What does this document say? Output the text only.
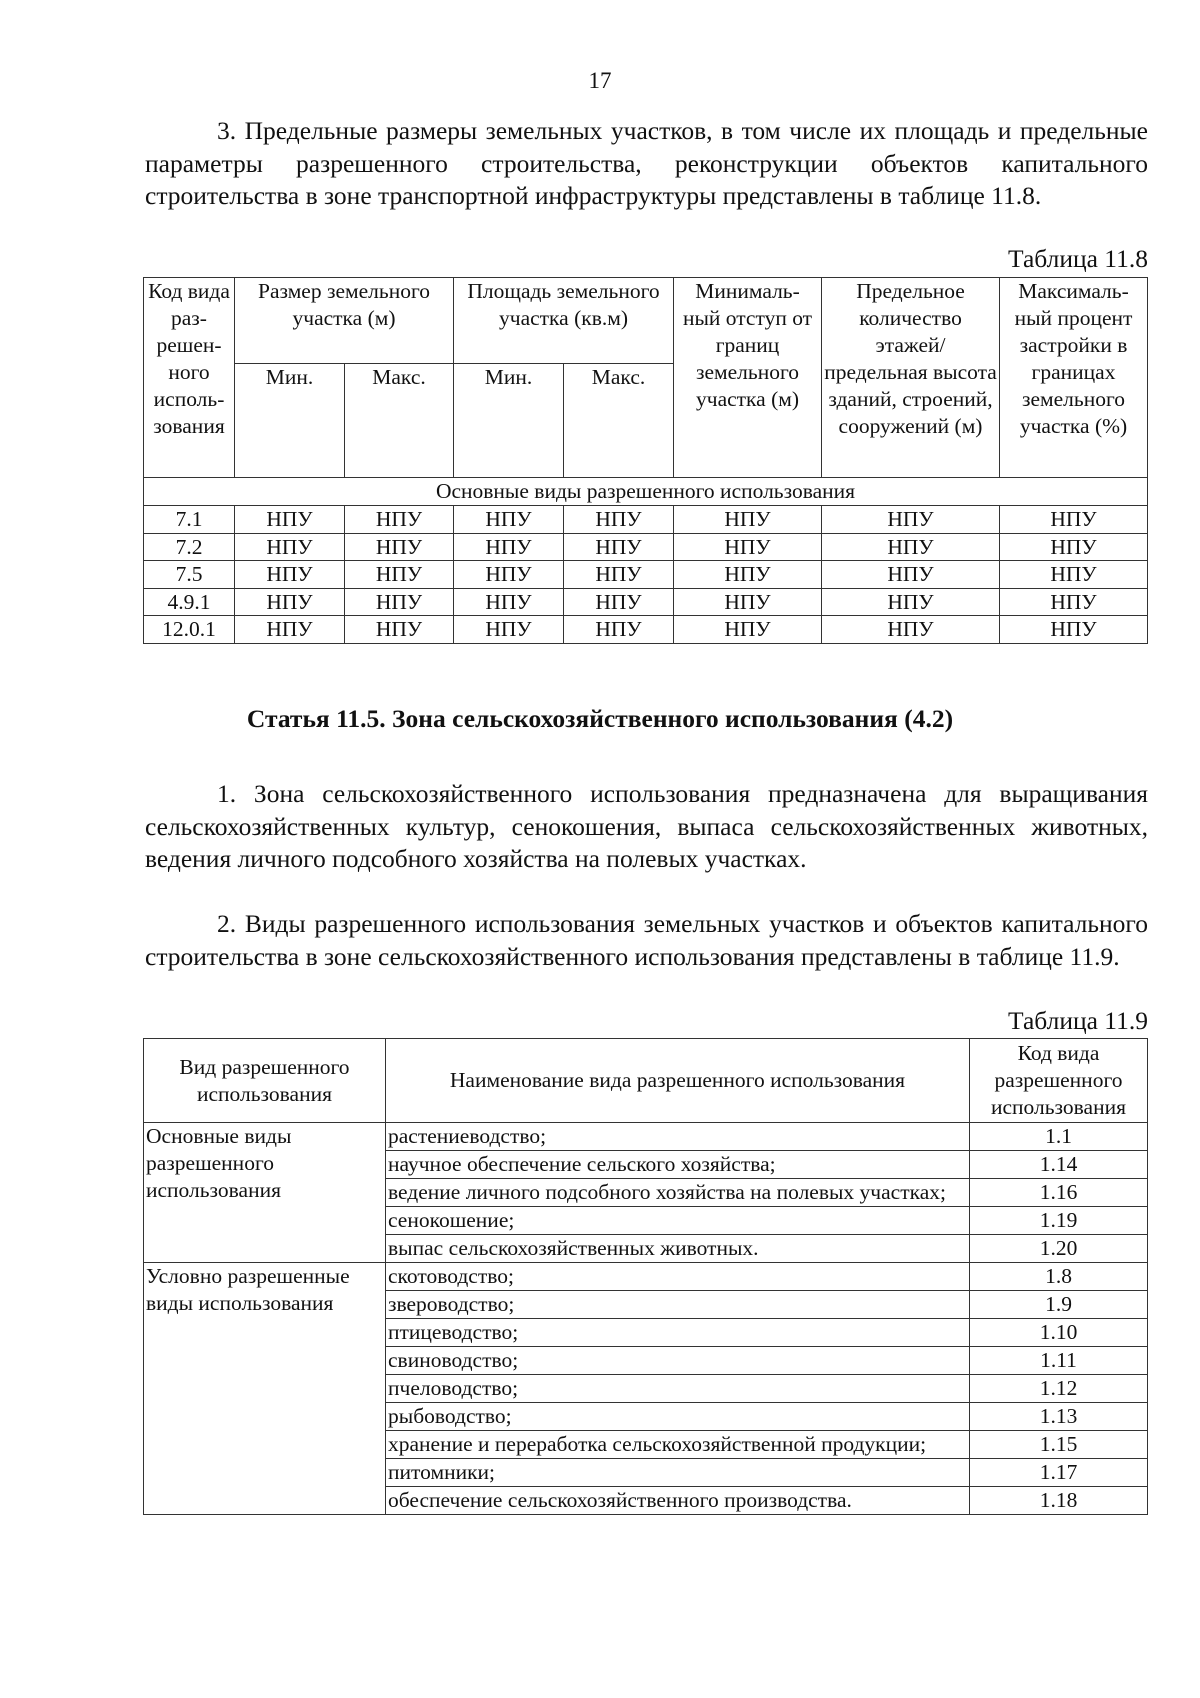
17
3. Предельные размеры земельных участков, в том числе их площадь и предельные параметры разрешенного строительства, реконструкции объектов капитального строительства в зоне транспортной инфраструктуры представлены в таблице 11.8.
Таблица 11.8
Код вида раз- решен- ного исполь- зования	Размер земельного участка (м)		Площадь земельного участка (кв.м)		Минималь- ный отступ от границ земельного участка (м)	Предельное количество этажей/ предельная высота зданий, строений, сооружений (м)	Максималь- ный процент застройки в границах земельного участка (%)
	Мин.	Макс.	Мин.	Макс.			
Основные виды разрешенного использования							
7.1	НПУ	НПУ	НПУ	НПУ	НПУ	НПУ	НПУ
7.2	НПУ	НПУ	НПУ	НПУ	НПУ	НПУ	НПУ
7.5	НПУ	НПУ	НПУ	НПУ	НПУ	НПУ	НПУ
4.9.1	НПУ	НПУ	НПУ	НПУ	НПУ	НПУ	НПУ
12.0.1	НПУ	НПУ	НПУ	НПУ	НПУ	НПУ	НПУ
Статья 11.5. Зона сельскохозяйственного использования (4.2)
1. Зона сельскохозяйственного использования предназначена для выращивания сельскохозяйственных культур, сенокошения, выпаса сельскохозяйственных животных, ведения личного подсобного хозяйства на полевых участках.
2. Виды разрешенного использования земельных участков и объектов капитального строительства в зоне сельскохозяйственного использования представлены в таблице 11.9.
Таблица 11.9
Вид разрешенного использования	Наименование вида разрешенного использования	Код вида разрешенного использования
Основные виды разрешенного использования	растениеводство;	1.1
	научное обеспечение сельского хозяйства;	1.14
	ведение личного подсобного хозяйства на полевых участках;	1.16
	сенокошение;	1.19
	выпас сельскохозяйственных животных.	1.20
Условно разрешенные виды использования	скотоводство;	1.8
	звероводство;	1.9
	птицеводство;	1.10
	свиноводство;	1.11
	пчеловодство;	1.12
	рыбоводство;	1.13
	хранение и переработка сельскохозяйственной продукции;	1.15
	питомники;	1.17
	обеспечение сельскохозяйственного производства.	1.18
